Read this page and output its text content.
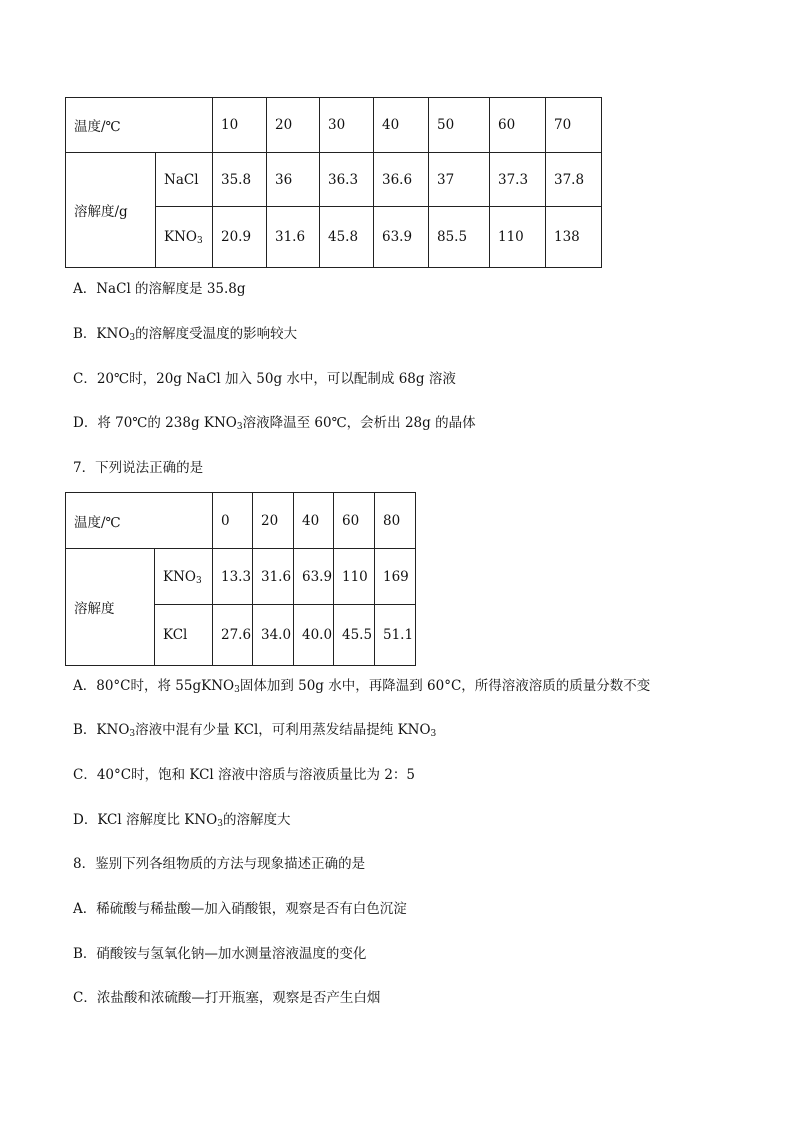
温度/℃		10	20	30	40	50	60	70
溶解度/g	NaCl	35.8	36	36.3	36.6	37	37.3	37.8
	$KNO_3$	20.9	31.6	45.8	63.9	85.5	110	138
A．NaCl 的溶解度是 35.8g
B．$KNO_3$的溶解度受温度的影响较大
C．20℃时，20g NaCl 加入 50g 水中，可以配制成 68g 溶液
D．将 70℃的 238g $KNO_3$溶液降温至 60℃，会析出 28g 的晶体
7．下列说法正确的是
温度/℃		0	20	40	60	80
溶解度	$KNO_3$	13.3	31.6	63.9	110	169
	KCl	27.6	34.0	40.0	45.5	51.1
A．80°C时，将 55gKNO$_3$固体加到 50g 水中，再降温到 60°C，所得溶液溶质的质量分数不变
B．$KNO_3$溶液中混有少量 KCl，可利用蒸发结晶提纯 $KNO_3$
C．40°C时，饱和 KCl 溶液中溶质与溶液质量比为 2：5
D．KCl 溶解度比 $KNO_3$的溶解度大
8．鉴别下列各组物质的方法与现象描述正确的是
A．稀硫酸与稀盐酸—加入硝酸银，观察是否有白色沉淀
B．硝酸铵与氢氧化钠—加水测量溶液温度的变化
C．浓盐酸和浓硫酸—打开瓶塞，观察是否产生白烟
